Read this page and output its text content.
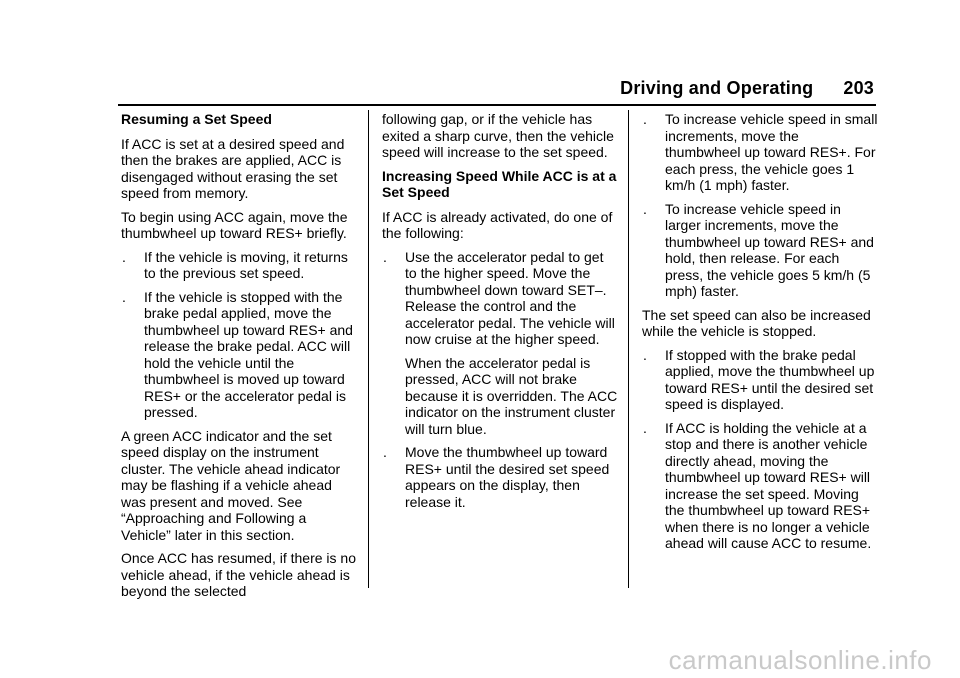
Driving and Operating 203

Resuming a Set Speed

If ACC is set at a desired speed and then the brakes are applied, ACC is disengaged without erasing the set speed from memory.

To begin using ACC again, move the thumbwheel up toward RES+ briefly.

. If the vehicle is moving, it returns to the previous set speed.
. If the vehicle is stopped with the brake pedal applied, move the thumbwheel up toward RES+ and release the brake pedal. ACC will hold the vehicle until the thumbwheel is moved up toward RES+ or the accelerator pedal is pressed.

A green ACC indicator and the set speed display on the instrument cluster. The vehicle ahead indicator may be flashing if a vehicle ahead was present and moved. See “Approaching and Following a Vehicle” later in this section.

Once ACC has resumed, if there is no vehicle ahead, if the vehicle ahead is beyond the selected

following gap, or if the vehicle has exited a sharp curve, then the vehicle speed will increase to the set speed.

Increasing Speed While ACC is at a Set Speed

If ACC is already activated, do one of the following:

. Use the accelerator pedal to get to the higher speed. Move the thumbwheel down toward SET–. Release the control and the accelerator pedal. The vehicle will now cruise at the higher speed.
When the accelerator pedal is pressed, ACC will not brake because it is overridden. The ACC indicator on the instrument cluster will turn blue.
. Move the thumbwheel up toward RES+ until the desired set speed appears on the display, then release it.
. To increase vehicle speed in small increments, move the thumbwheel up toward RES+. For each press, the vehicle goes 1 km/h (1 mph) faster.
. To increase vehicle speed in larger increments, move the thumbwheel up toward RES+ and hold, then release. For each press, the vehicle goes 5 km/h (5 mph) faster.

The set speed can also be increased while the vehicle is stopped.

. If stopped with the brake pedal applied, move the thumbwheel up toward RES+ until the desired set speed is displayed.
. If ACC is holding the vehicle at a stop and there is another vehicle directly ahead, moving the thumbwheel up toward RES+ will increase the set speed. Moving the thumbwheel up toward RES+ when there is no longer a vehicle ahead will cause ACC to resume.
carmanualsonline.info
